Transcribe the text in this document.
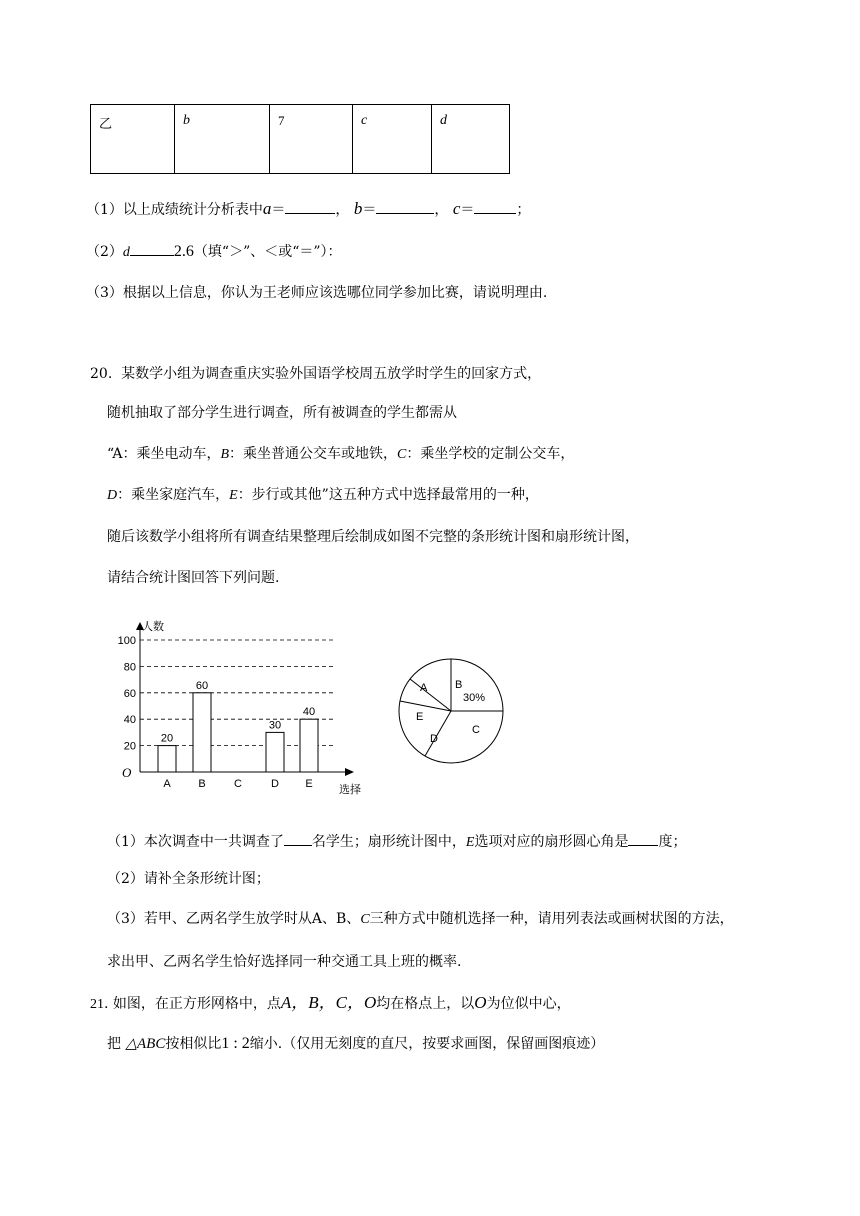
乙	b	7	c	d
（1）以上成绩统计分析表中a＝	， b＝	， c＝	；
（2）d	2.6（填“＞”、＜或“＝”）：
（3）根据以上信息，你认为王老师应该选哪位同学参加比赛，请说明理由.
20. 某数学小组为调查重庆实验外国语学校周五放学时学生的回家方式，
随机抽取了部分学生进行调查，所有被调查的学生都需从
“A：乘坐电动车，B：乘坐普通公交车或地铁，C：乘坐学校的定制公交车，
D：乘坐家庭汽车，E：步行或其他”这五种方式中选择最常用的一种，
随后该数学小组将所有调查结果整理后绘制成如图不完整的条形统计图和扇形统计图，
请结合统计图回答下列问题.
20
40
60
80
100
20
A
60
B	C
30
D
40
E
人数
O
选择
A	B
30%
C
D
E
（1）本次调查中一共调查了 名学生；扇形统计图中，E选项对应的扇形圆心角是 度；
（2）请补全条形统计图；
（3）若甲、乙两名学生放学时从A、B、C三种方式中随机选择一种，请用列表法或画树状图的方法，
求出甲、乙两名学生恰好选择同一种交通工具上班的概率.
21. 如图，在正方形网格中，点A，B，C，O均在格点上，以O为位似中心，
把 △ABC按相似比1 : 2缩小.（仅用无刻度的直尺，按要求画图，保留画图痕迹）
